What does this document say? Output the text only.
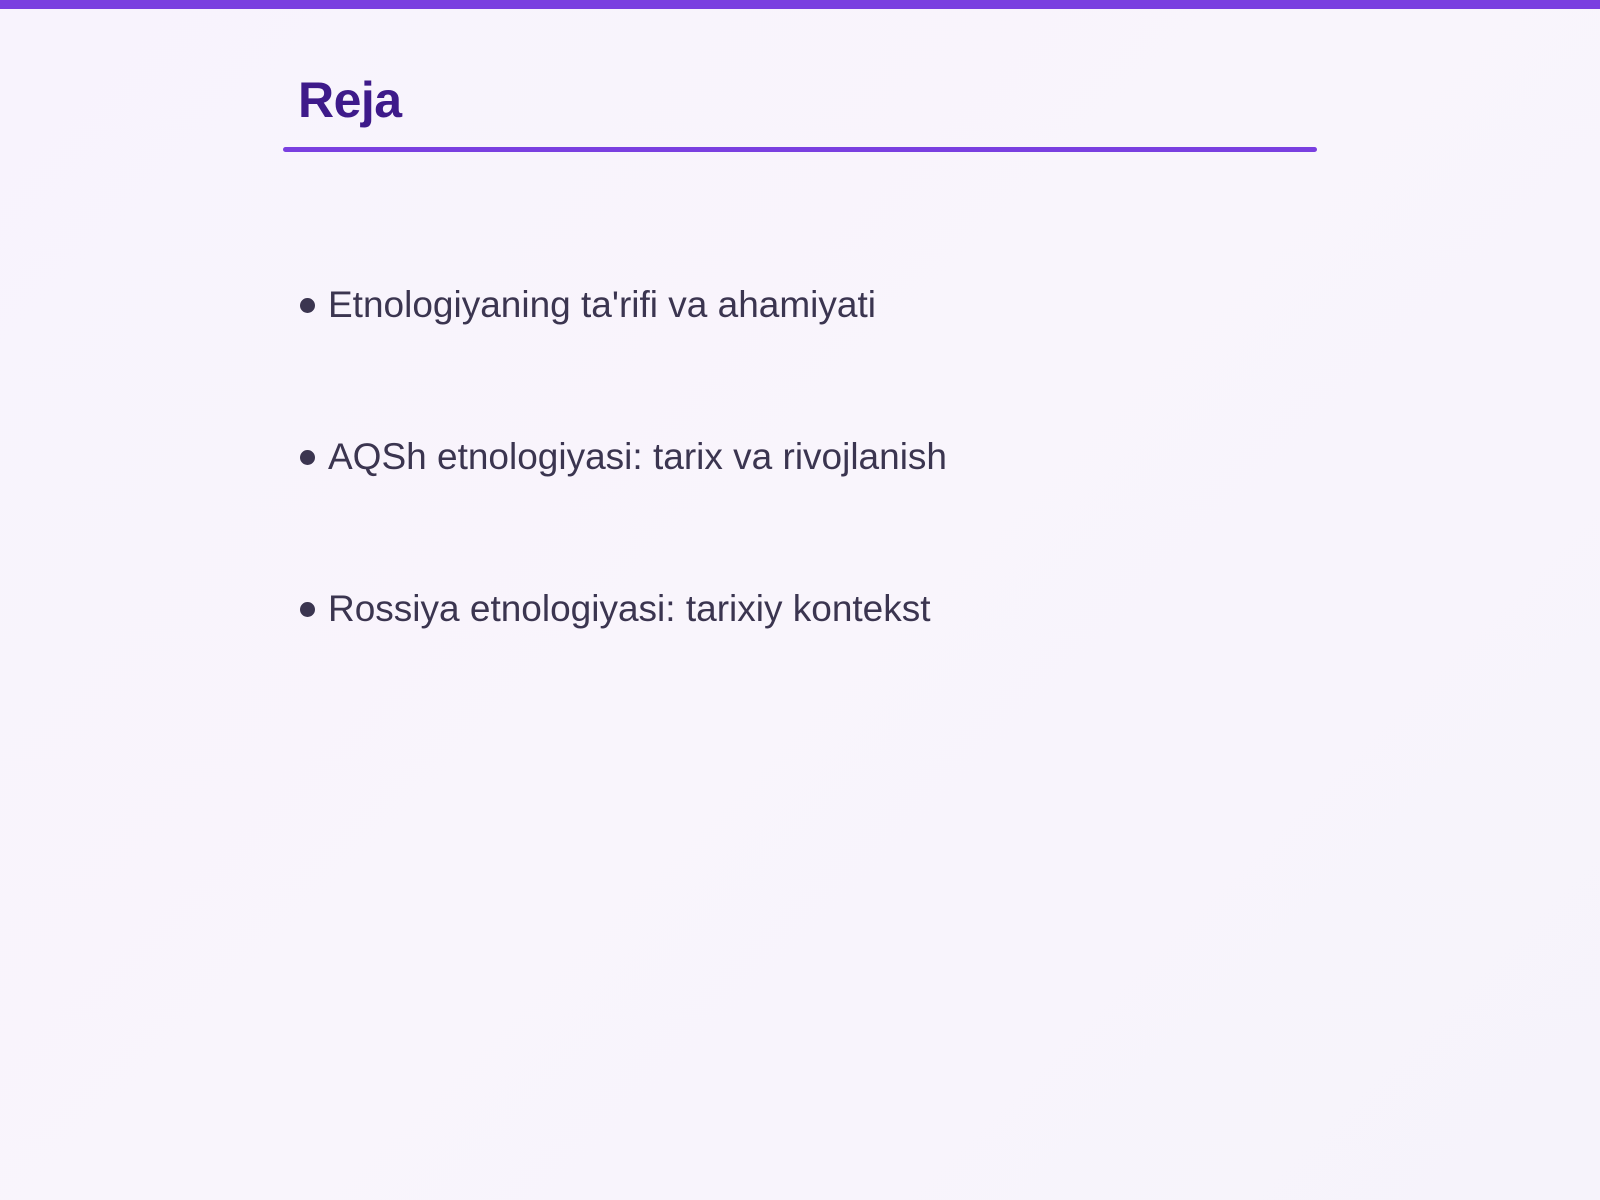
Reja
Etnologiyaning ta'rifi va ahamiyati
AQSh etnologiyasi: tarix va rivojlanish
Rossiya etnologiyasi: tarixiy kontekst
